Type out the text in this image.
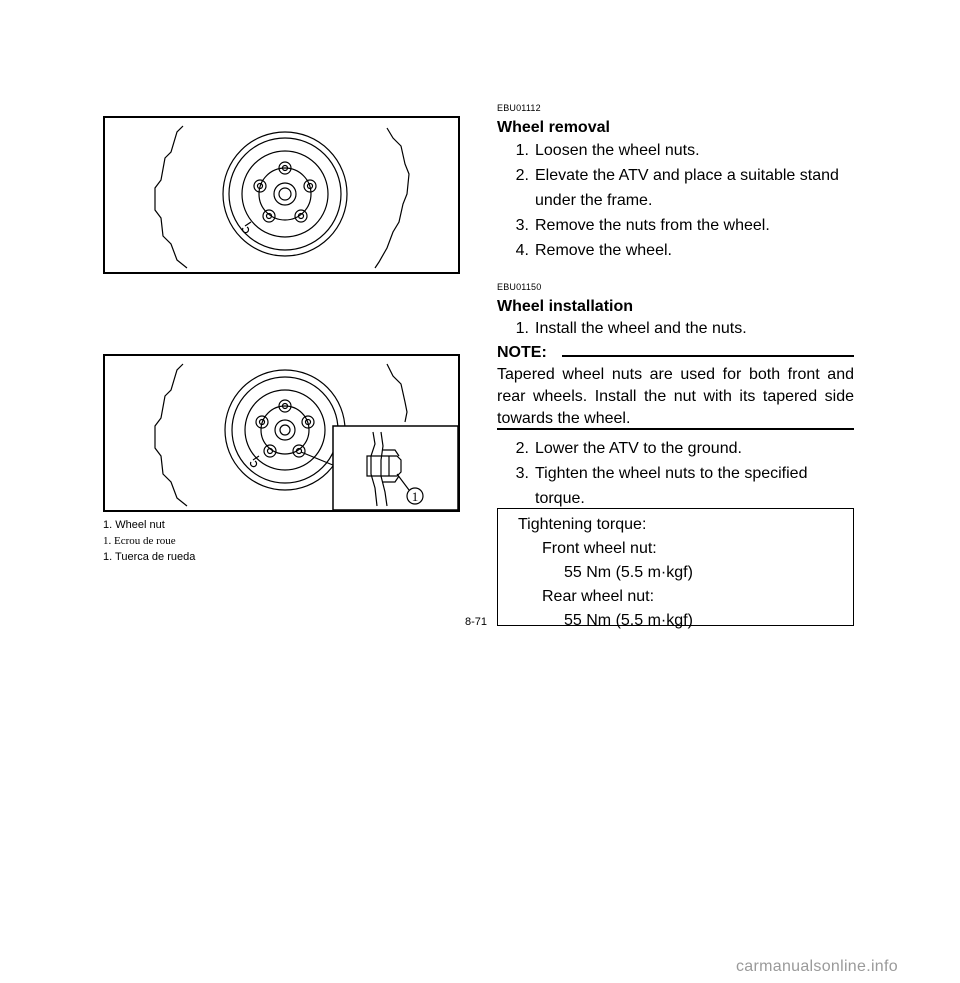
1
1. Wheel nut
1. Ecrou de roue
1. Tuerca de rueda
EBU01112
Wheel removal
1. Loosen the wheel nuts.
2. Elevate the ATV and place a suitable stand
under the frame.
3. Remove the nuts from the wheel.
4. Remove the wheel.
EBU01150
Wheel installation
1. Install the wheel and the nuts.
NOTE:
Tapered wheel nuts are used for both front and rear wheels. Install the nut with its tapered side towards the wheel.
2. Lower the ATV to the ground.
3. Tighten the wheel nuts to the specified
torque.
Tightening torque:
Front wheel nut:
55 Nm (5.5 m·kgf)
Rear wheel nut:
55 Nm (5.5 m·kgf)
8-71
carmanualsonline.info
